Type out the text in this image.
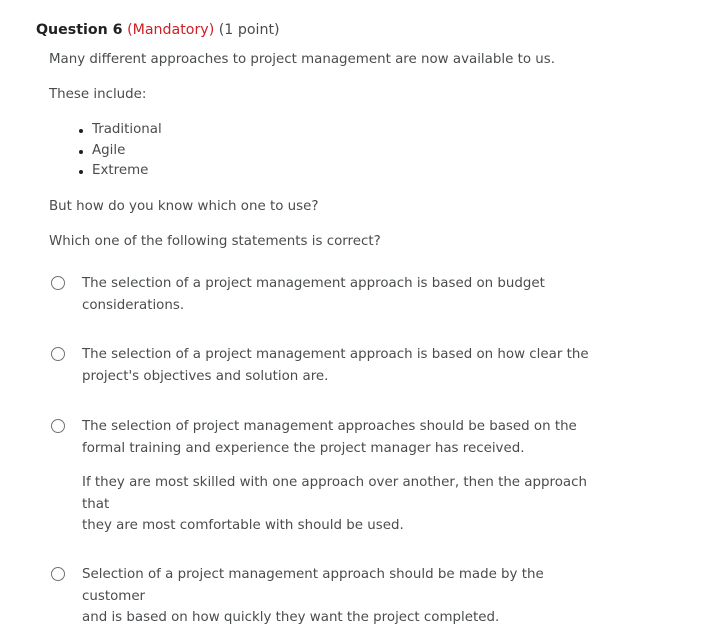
Question 6 (Mandatory) (1 point)
Many different approaches to project management are now available to us.
These include:
Traditional
Agile
Extreme
But how do you know which one to use?
Which one of the following statements is correct?

The selection of a project management approach is based on budget
considerations.

The selection of a project management approach is based on how clear the
project's objectives and solution are.

The selection of project management approaches should be based on the
formal training and experience the project manager has received.

If they are most skilled with one approach over another, then the approach that
they are most comfortable with should be used.

Selection of a project management approach should be made by the customer
and is based on how quickly they want the project completed.
